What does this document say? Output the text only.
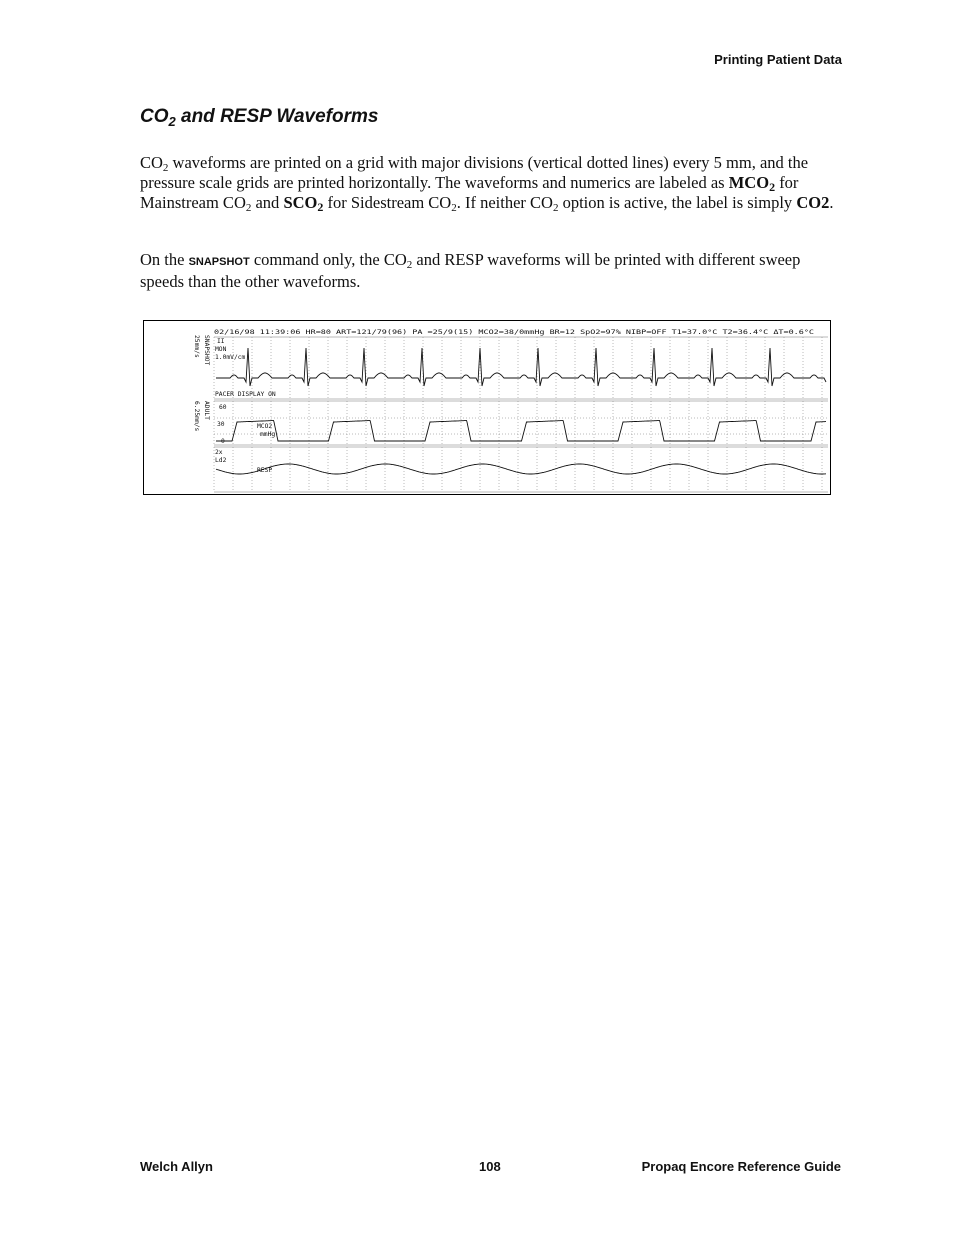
Printing Patient Data
$CO_2$ and RESP Waveforms

$CO_2$ waveforms are printed on a grid with major divisions (vertical dotted lines) every 5 mm, and the pressure scale grids are printed horizontally. The waveforms and numerics are labeled as $MCO_2$ for Mainstream $CO_2$ and $SCO_2$ for Sidestream $CO_2$. If neither $CO_2$ option is active, the label is simply CO2.

On the SNAPSHOT command only, the $CO_2$ and RESP waveforms will be printed with different sweep speeds than the other waveforms.

02/16/98 11:39:06 HR=80 ART=121/79(96) PA =25/9(15) MCO2=38/0mmHg BR=12 SpO2=97% NIBP=OFF T1=37.0°C T2=36.4°C ΔT=0.6°C
II
MON
1.0mV/cm
PACER DISPLAY ON
60
30
0
MCO2
mmHg
2x
Ld2
RESP
25mm/s SNAPSHOT
6.25mm/s ADULT
Welch Allyn	108	Propaq Encore Reference Guide
